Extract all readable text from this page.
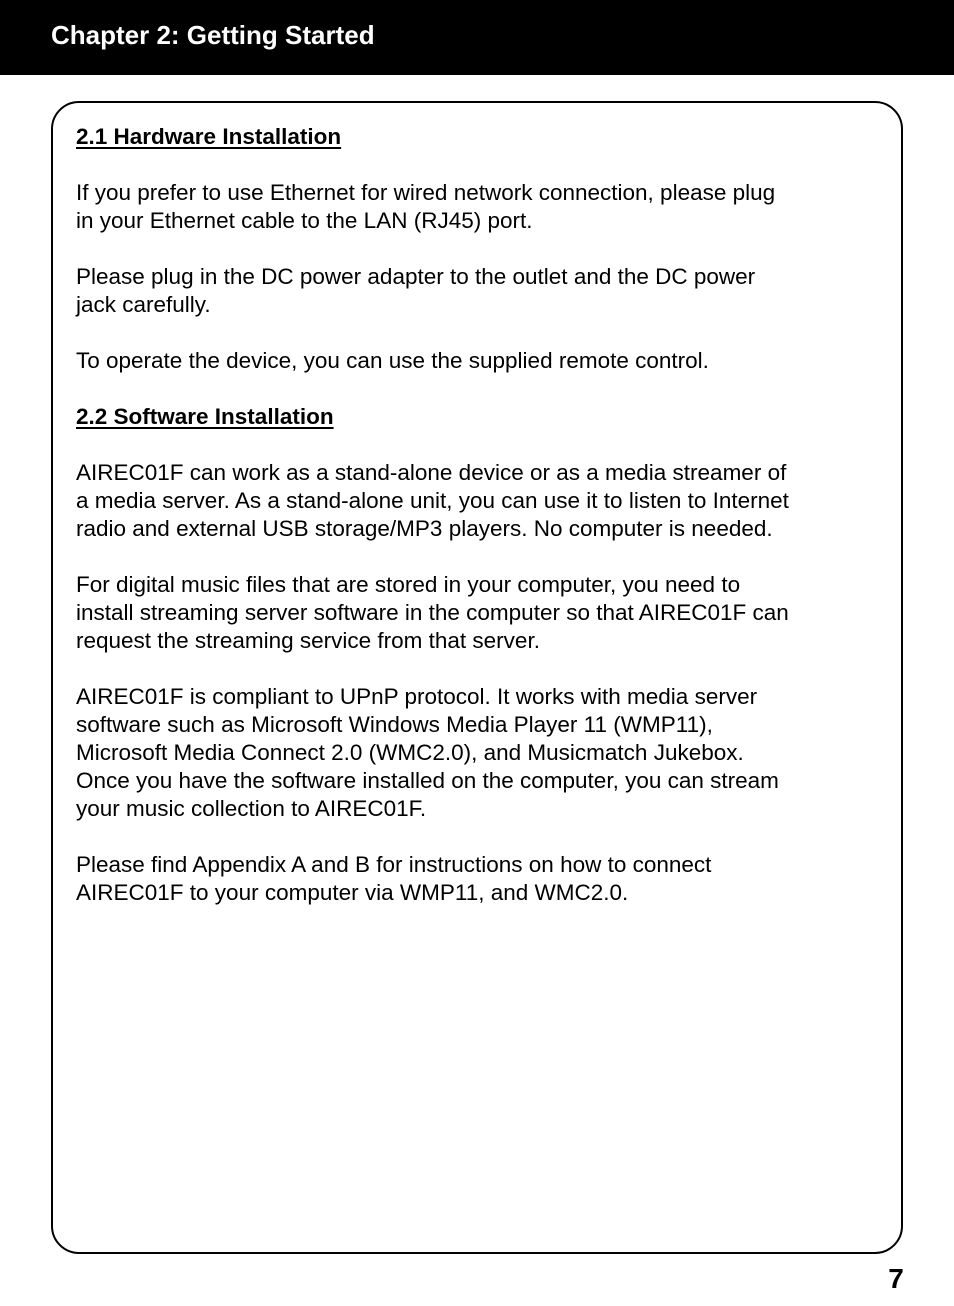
Chapter 2: Getting Started
2.1 Hardware Installation

If you prefer to use Ethernet for wired network connection, please plug
in your Ethernet cable to the LAN (RJ45) port.

Please plug in the DC power adapter to the outlet and the DC power
jack carefully.

To operate the device, you can use the supplied remote control.

2.2 Software Installation

AIREC01F can work as a stand-alone device or as a media streamer of
a media server. As a stand-alone unit, you can use it to listen to Internet
radio and external USB storage/MP3 players. No computer is needed.

For digital music files that are stored in your computer, you need to
install streaming server software in the computer so that AIREC01F can
request the streaming service from that server.

AIREC01F is compliant to UPnP protocol. It works with media server
software such as Microsoft Windows Media Player 11 (WMP11),
Microsoft Media Connect 2.0 (WMC2.0), and Musicmatch Jukebox.
Once you have the software installed on the computer, you can stream
your music collection to AIREC01F.

Please find Appendix A and B for instructions on how to connect
AIREC01F to your computer via WMP11, and WMC2.0.

7
